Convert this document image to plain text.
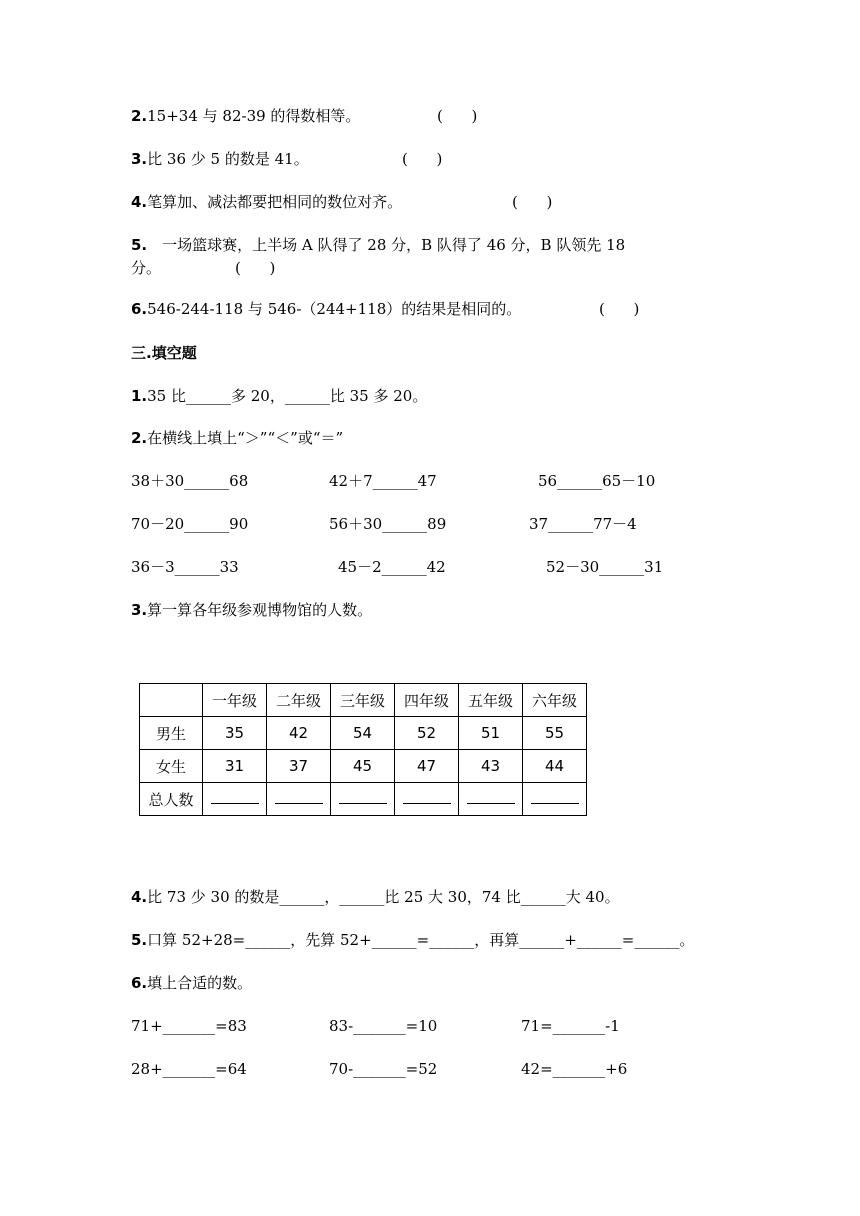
2.15+34 与 82-39 的得数相等。	(      )
3.比 36 少 5 的数是 41。	(      )
4.笔算加、减法都要把相同的数位对齐。	(      )
5.　一场篮球赛，上半场 A 队得了 28 分，B 队得了 46 分，B 队领先 18
分。	(      )
6.546-244-118 与 546-（244+118）的结果是相同的。	(      )
三.填空题
1.35 比______多 20，______比 35 多 20。
2.在横线上填上“＞”“＜”或“＝”
38＋30______68	42＋7______47	56______65－10
70－20______90	56＋30______89	37______77－4
36－3______33	45－2______42	52－30______31
3.算一算各年级参观博物馆的人数。
	一年级	二年级	三年级	四年级	五年级	六年级
男生	35	42	54	52	51	55
女生	31	37	45	47	43	44
总人数						
4.比 73 少 30 的数是______，______比 25 大 30，74 比______大 40。
5.口算 52+28=______，先算 52+______=______，再算______+______=______。
6.填上合适的数。
71+_______=83	83-_______=10	71=_______-1
28+_______=64	70-_______=52	42=_______+6
